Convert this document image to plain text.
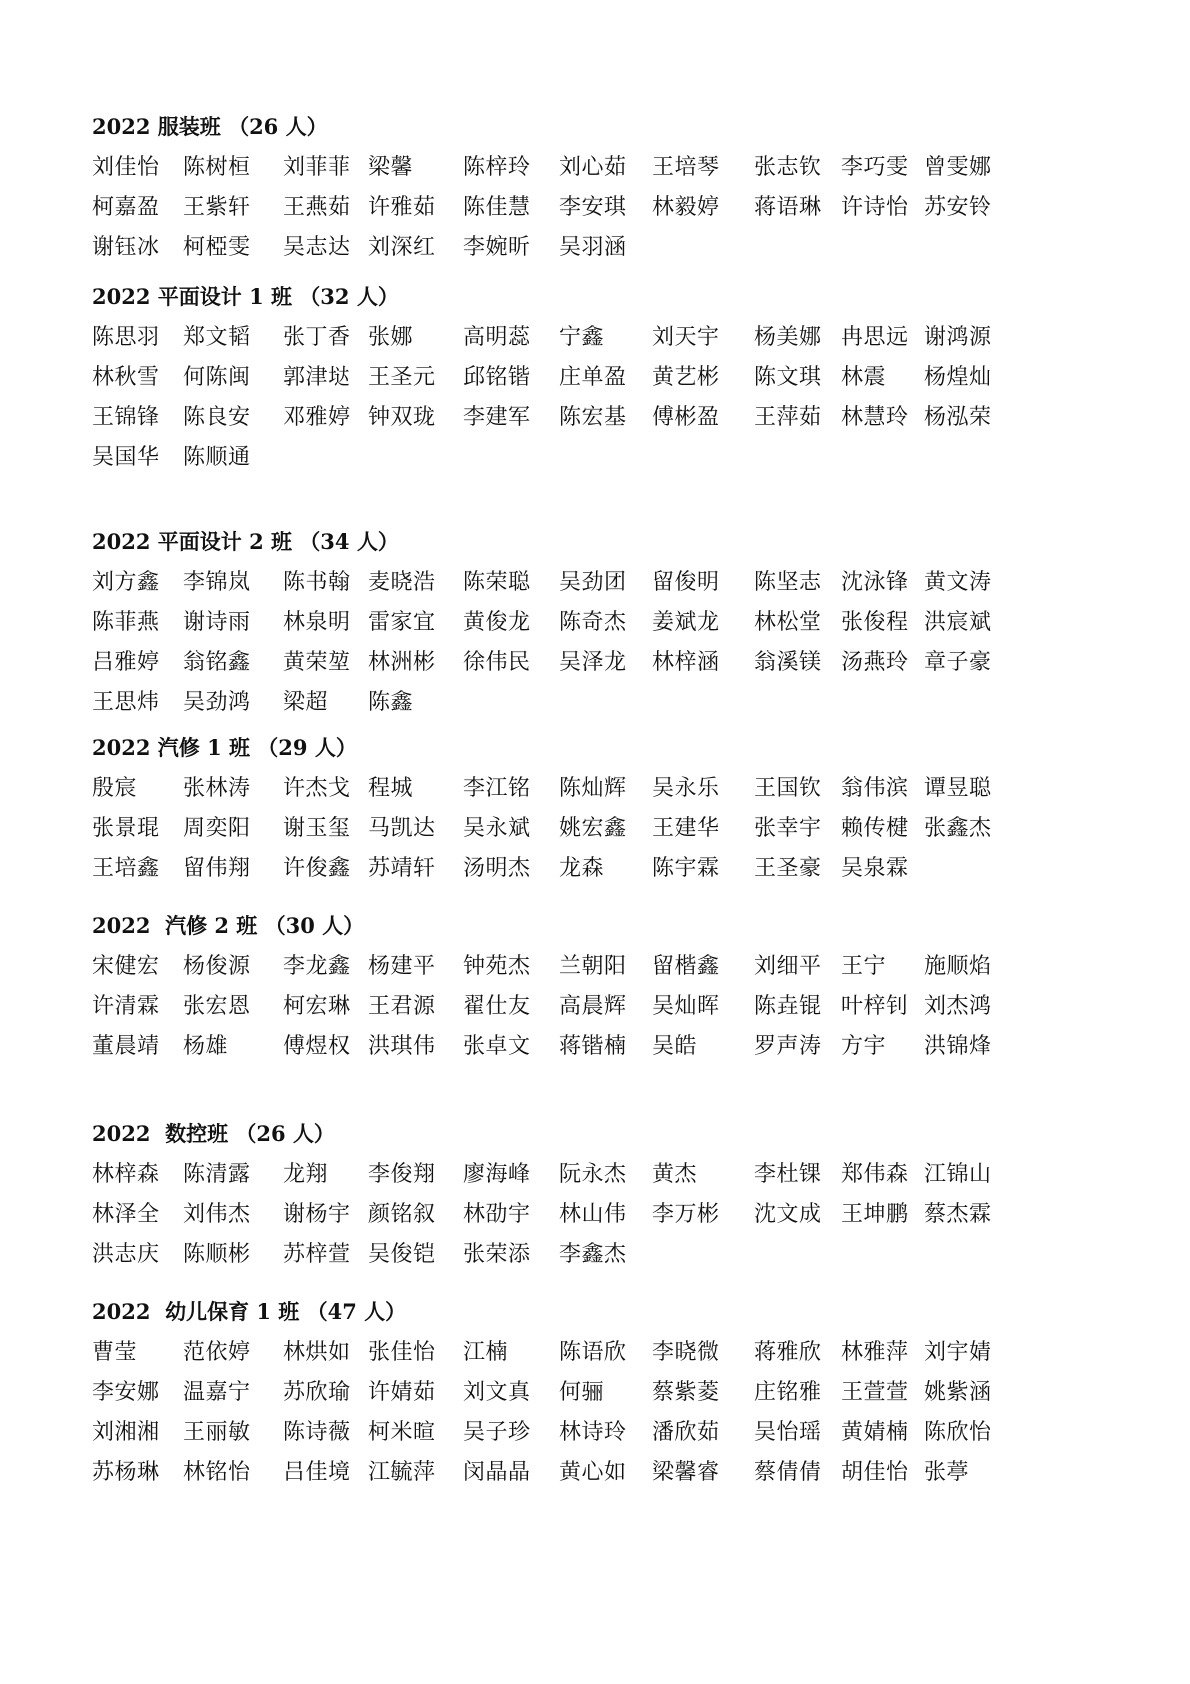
2022 服装班 （26 人）
刘佳怡 陈树桓 刘菲菲 梁馨 陈梓玲 刘心茹 王培琴 张志钦 李巧雯 曾雯娜
柯嘉盈 王紫轩 王燕茹 许雅茹 陈佳慧 李安琪 林毅婷 蒋语琳 许诗怡 苏安铃
谢钰冰 柯椏雯 吴志达 刘深红 李婉昕 吴羽涵
2022 平面设计 1 班 （32 人）
陈思羽 郑文韬 张丁香 张娜 高明蕊 宁鑫 刘天宇 杨美娜 冉思远 谢鸿源
林秋雪 何陈闽 郭津垯 王圣元 邱铭锴 庄单盈 黄艺彬 陈文琪 林震 杨煌灿
王锦锋 陈良安 邓雅婷 钟双珑 李建军 陈宏基 傅彬盈 王萍茹 林慧玲 杨泓荣
吴国华 陈顺通
2022 平面设计 2 班 （34 人）
刘方鑫 李锦岚 陈书翰 麦晓浩 陈荣聪 吴劲团 留俊明 陈坚志 沈泳锋 黄文涛
陈菲燕 谢诗雨 林泉明 雷家宜 黄俊龙 陈奇杰 姜斌龙 林松堂 张俊程 洪宸斌
吕雅婷 翁铭鑫 黄荣堃 林洲彬 徐伟民 吴泽龙 林梓涵 翁溪镁 汤燕玲 章子豪
王思炜 吴劲鸿 梁超 陈鑫
2022 汽修 1 班 （29 人）
殷宸 张林涛 许杰戈 程城 李江铭 陈灿辉 吴永乐 王国钦 翁伟滨 谭昱聪
张景琨 周奕阳 谢玉玺 马凯达 吴永斌 姚宏鑫 王建华 张幸宇 赖传楗 张鑫杰
王培鑫 留伟翔 许俊鑫 苏靖轩 汤明杰 龙森 陈宇霖 王圣豪 吴泉霖
2022  汽修 2 班 （30 人）
宋健宏 杨俊源 李龙鑫 杨建平 钟苑杰 兰朝阳 留楷鑫 刘细平 王宁 施顺焰
许清霖 张宏恩 柯宏琳 王君源 翟仕友 高晨辉 吴灿晖 陈垚锟 叶梓钊 刘杰鸿
董晨靖 杨雄 傅煜权 洪琪伟 张卓文 蒋锴楠 吴皓	罗声涛 方宇 洪锦烽
2022  数控班 （26 人）
林梓森 陈清露 龙翔 李俊翔 廖海峰 阮永杰 黄杰	李杜锞 郑伟森 江锦山
林泽全 刘伟杰 谢杨宇 颜铭叙 林劭宇 林山伟 李万彬 沈文成 王坤鹏 蔡杰霖
洪志庆 陈顺彬 苏梓萱 吴俊铠 张荣添 李鑫杰
2022  幼儿保育 1 班 （47 人）
曹莹 范依婷 林烘如 张佳怡 江楠 陈语欣 李晓微 蒋雅欣 林雅萍 刘宇婧
李安娜 温嘉宁 苏欣瑜 许婧茹 刘文真 何骊 蔡紫菱 庄铭雅 王萱萱 姚紫涵
刘湘湘 王丽敏 陈诗薇 柯米暄 吴子珍 林诗玲 潘欣茹 吴怡瑶 黄婧楠 陈欣怡
苏杨琳 林铭怡 吕佳境 江毓萍 闵晶晶 黄心如 梁馨睿 蔡倩倩 胡佳怡 张葶
